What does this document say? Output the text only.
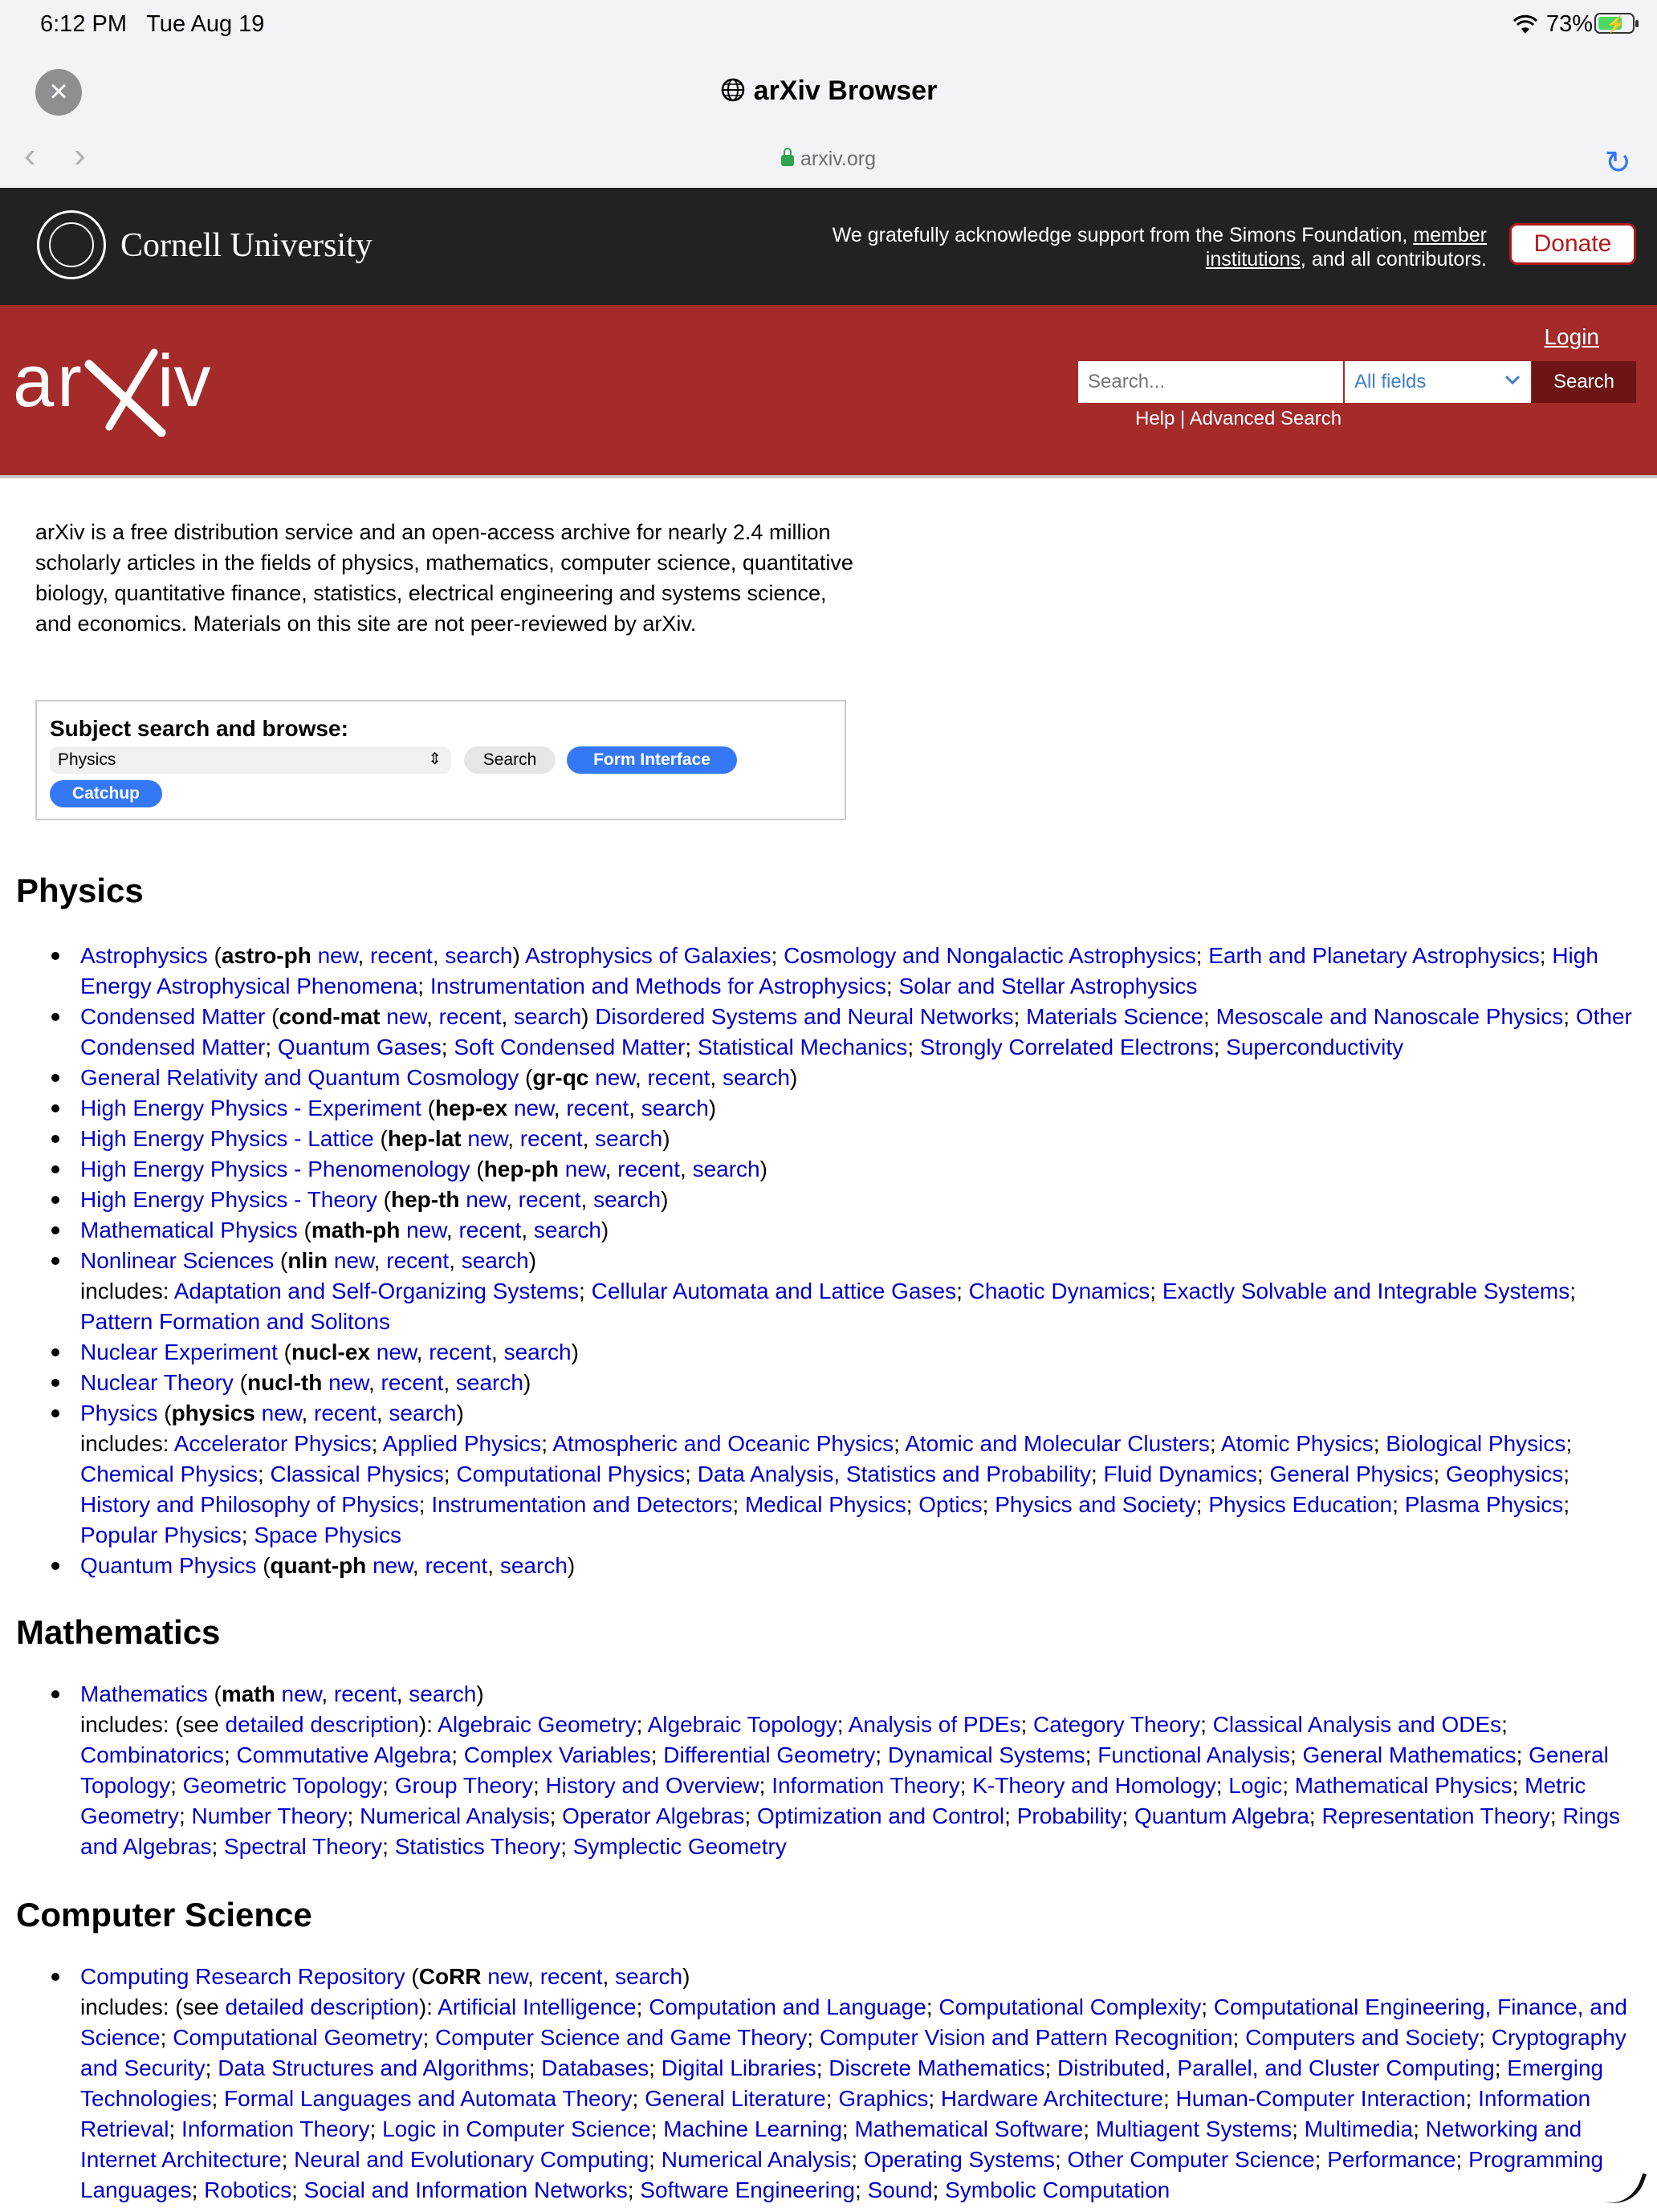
6:12 PM Tue Aug 19	73% ⚡
×	arXiv Browser
‹ ›	arxiv.org	↻
Cornell University	We gratefully acknowledge support from the Simons Foundation, member institutions, and all contributors.
Donate
ar iv
Login
Search...
All fields	Search
Help | Advanced Search
arXiv is a free distribution service and an open-access archive for nearly 2.4 million scholarly articles in the fields of physics, mathematics, computer science, quantitative biology, quantitative finance, statistics, electrical engineering and systems science, and economics. Materials on this site are not peer-reviewed by arXiv.
Subject search and browse:
Physics	⇕	Search	Form Interface
Catchup
Physics
Astrophysics (astro-ph new, recent, search) Astrophysics of Galaxies; Cosmology and Nongalactic Astrophysics; Earth and Planetary Astrophysics; High Energy Astrophysical Phenomena; Instrumentation and Methods for Astrophysics; Solar and Stellar Astrophysics
Condensed Matter (cond-mat new, recent, search) Disordered Systems and Neural Networks; Materials Science; Mesoscale and Nanoscale Physics; Other Condensed Matter; Quantum Gases; Soft Condensed Matter; Statistical Mechanics; Strongly Correlated Electrons; Superconductivity
General Relativity and Quantum Cosmology (gr-qc new, recent, search)
High Energy Physics - Experiment (hep-ex new, recent, search)
High Energy Physics - Lattice (hep-lat new, recent, search)
High Energy Physics - Phenomenology (hep-ph new, recent, search)
High Energy Physics - Theory (hep-th new, recent, search)
Mathematical Physics (math-ph new, recent, search)
Nonlinear Sciences (nlin new, recent, search)
includes: Adaptation and Self-Organizing Systems; Cellular Automata and Lattice Gases; Chaotic Dynamics; Exactly Solvable and Integrable Systems; Pattern Formation and Solitons
Nuclear Experiment (nucl-ex new, recent, search)
Nuclear Theory (nucl-th new, recent, search)
Physics (physics new, recent, search)
includes: Accelerator Physics; Applied Physics; Atmospheric and Oceanic Physics; Atomic and Molecular Clusters; Atomic Physics; Biological Physics; Chemical Physics; Classical Physics; Computational Physics; Data Analysis, Statistics and Probability; Fluid Dynamics; General Physics; Geophysics; History and Philosophy of Physics; Instrumentation and Detectors; Medical Physics; Optics; Physics and Society; Physics Education; Plasma Physics; Popular Physics; Space Physics
Quantum Physics (quant-ph new, recent, search)
Mathematics
Mathematics (math new, recent, search)
includes: (see detailed description): Algebraic Geometry; Algebraic Topology; Analysis of PDEs; Category Theory; Classical Analysis and ODEs; Combinatorics; Commutative Algebra; Complex Variables; Differential Geometry; Dynamical Systems; Functional Analysis; General Mathematics; General Topology; Geometric Topology; Group Theory; History and Overview; Information Theory; K-Theory and Homology; Logic; Mathematical Physics; Metric Geometry; Number Theory; Numerical Analysis; Operator Algebras; Optimization and Control; Probability; Quantum Algebra; Representation Theory; Rings and Algebras; Spectral Theory; Statistics Theory; Symplectic Geometry
Computer Science
Computing Research Repository (CoRR new, recent, search)
includes: (see detailed description): Artificial Intelligence; Computation and Language; Computational Complexity; Computational Engineering, Finance, and Science; Computational Geometry; Computer Science and Game Theory; Computer Vision and Pattern Recognition; Computers and Society; Cryptography and Security; Data Structures and Algorithms; Databases; Digital Libraries; Discrete Mathematics; Distributed, Parallel, and Cluster Computing; Emerging Technologies; Formal Languages and Automata Theory; General Literature; Graphics; Hardware Architecture; Human-Computer Interaction; Information Retrieval; Information Theory; Logic in Computer Science; Machine Learning; Mathematical Software; Multiagent Systems; Multimedia; Networking and Internet Architecture; Neural and Evolutionary Computing; Numerical Analysis; Operating Systems; Other Computer Science; Performance; Programming Languages; Robotics; Social and Information Networks; Software Engineering; Sound; Symbolic Computation
